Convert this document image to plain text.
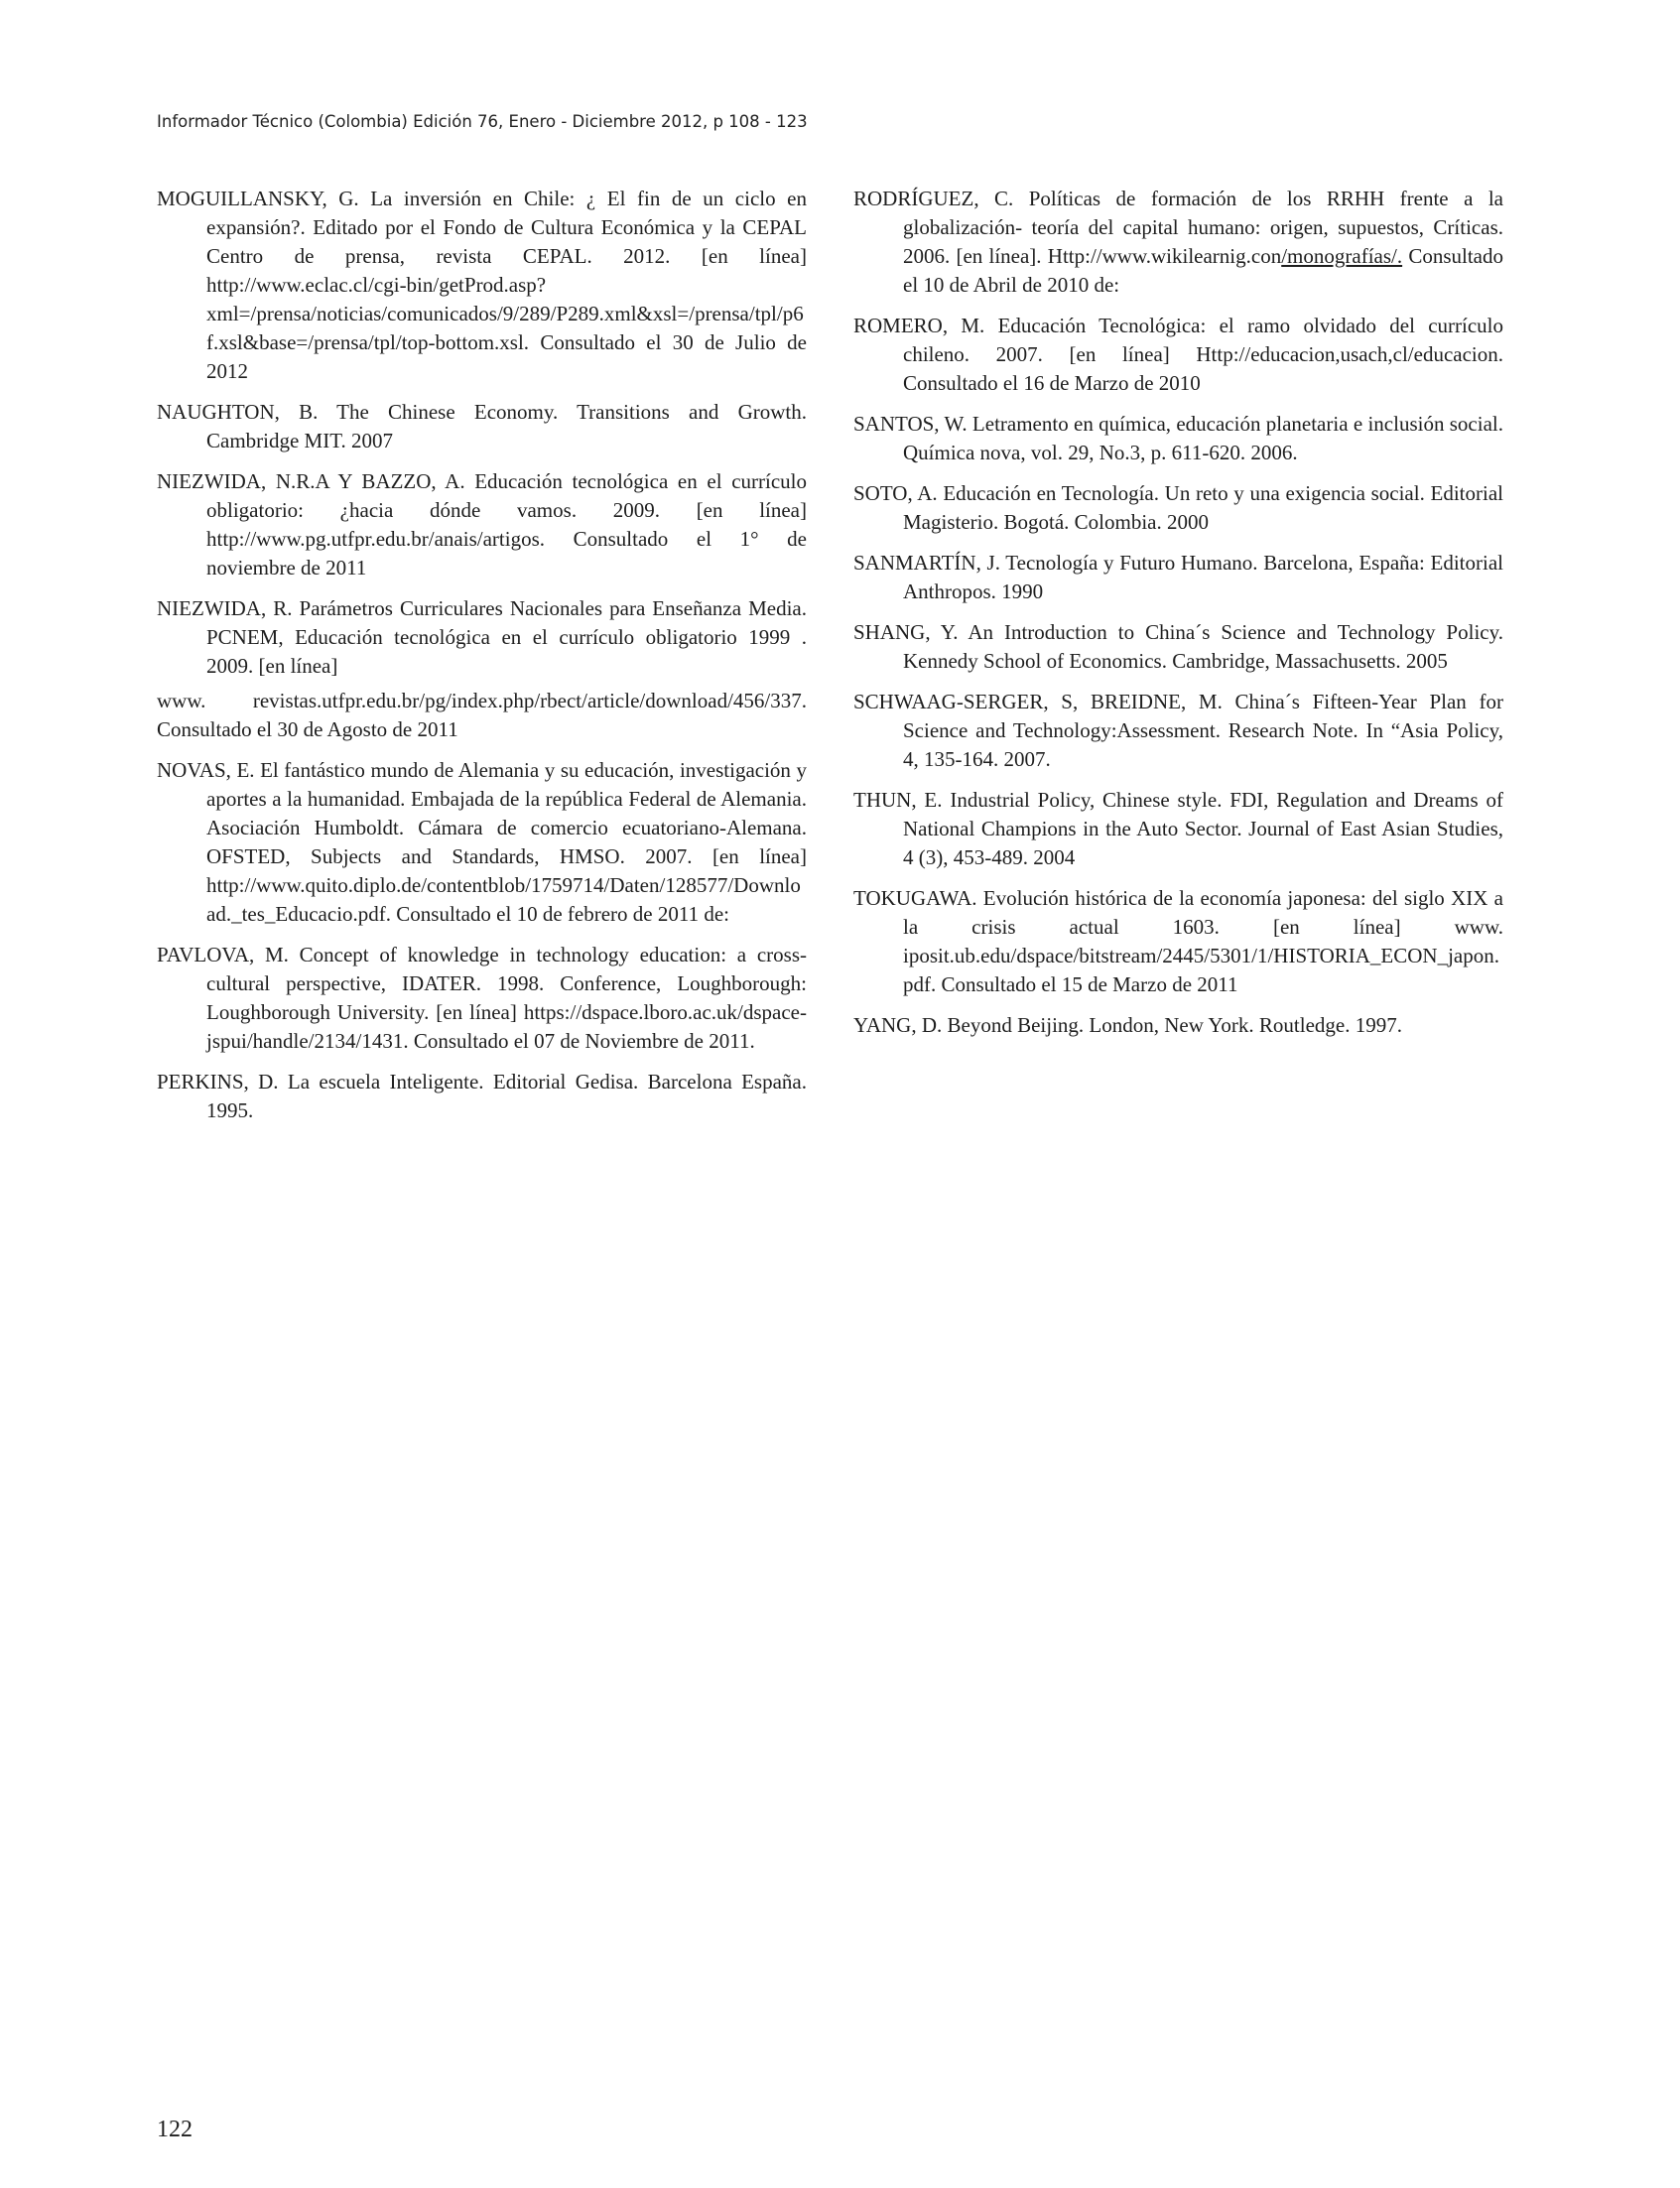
Informador Técnico (Colombia) Edición 76, Enero - Diciembre 2012, p 108 - 123

MOGUILLANSKY, G. La inversión en Chile: ¿ El fin de un ciclo en expansión?. Editado por el Fondo de Cultura Económica y la CEPAL Centro de prensa, revista CEPAL. 2012. [en línea] http://www.eclac.cl/cgi-bin/getProd.asp?xml=/prensa/noticias/comunicados/9/289/P289.xml&xsl=/prensa/tpl/p6f.xsl&base=/prensa/tpl/top-bottom.xsl. Consultado el 30 de Julio de 2012

NAUGHTON, B. The Chinese Economy. Transitions and Growth. Cambridge MIT. 2007

NIEZWIDA, N.R.A Y BAZZO, A. Educación tecnológica en el currículo obligatorio: ¿hacia dónde vamos. 2009. [en línea] http://www.pg.utfpr.edu.br/anais/artigos. Consultado el 1° de noviembre de 2011

NIEZWIDA, R. Parámetros Curriculares Nacionales para Enseñanza Media. PCNEM, Educación tecnológica en el currículo obligatorio 1999 . 2009. [en línea]

www. revistas.utfpr.edu.br/pg/index.php/rbect/article/download/456/337. Consultado el 30 de Agosto de 2011

NOVAS, E. El fantástico mundo de Alemania y su educación, investigación y aportes a la humanidad. Embajada de la república Federal de Alemania. Asociación Humboldt. Cámara de comercio ecuatoriano-Alemana. OFSTED, Subjects and Standards, HMSO. 2007. [en línea] http://www.quito.diplo.de/contentblob/1759714/Daten/128577/Download._tes_Educacio.pdf. Consultado el 10 de febrero de 2011 de:

PAVLOVA, M. Concept of knowledge in technology education: a cross-cultural perspective, IDATER. 1998. Conference, Loughborough: Loughborough University. [en línea] https://dspace.lboro.ac.uk/dspace-jspui/handle/2134/1431. Consultado el 07 de Noviembre de 2011.

PERKINS, D. La escuela Inteligente. Editorial Gedisa. Barcelona España. 1995.

RODRÍGUEZ, C. Políticas de formación de los RRHH frente a la globalización- teoría del capital humano: origen, supuestos, Críticas. 2006. [en línea]. Http://www.wikilearnig.con/monografías/. Consultado el 10 de Abril de 2010 de:

ROMERO, M. Educación Tecnológica: el ramo olvidado del currículo chileno. 2007. [en línea] Http://educacion,usach,cl/educacion. Consultado el 16 de Marzo de 2010

SANTOS, W. Letramento en química, educación planetaria e inclusión social. Química nova, vol. 29, No.3, p. 611-620. 2006.

SOTO, A. Educación en Tecnología. Un reto y una exigencia social. Editorial Magisterio. Bogotá. Colombia. 2000

SANMARTÍN, J. Tecnología y Futuro Humano. Barcelona, España: Editorial Anthropos. 1990

SHANG, Y. An Introduction to China´s Science and Technology Policy. Kennedy School of Economics. Cambridge, Massachusetts. 2005

SCHWAAG-SERGER, S, BREIDNE, M. China´s Fifteen-Year Plan for Science and Technology:Assessment. Research Note. In “Asia Policy, 4, 135-164. 2007.

THUN, E. Industrial Policy, Chinese style. FDI, Regulation and Dreams of National Champions in the Auto Sector. Journal of East Asian Studies, 4 (3), 453-489. 2004

TOKUGAWA. Evolución histórica de la economía japonesa: del siglo XIX a la crisis actual 1603. [en línea] www. iposit.ub.edu/dspace/bitstream/2445/5301/1/HISTORIA_ECON_japon.pdf. Consultado el 15 de Marzo de 2011

YANG, D. Beyond Beijing. London, New York. Routledge. 1997.

122
